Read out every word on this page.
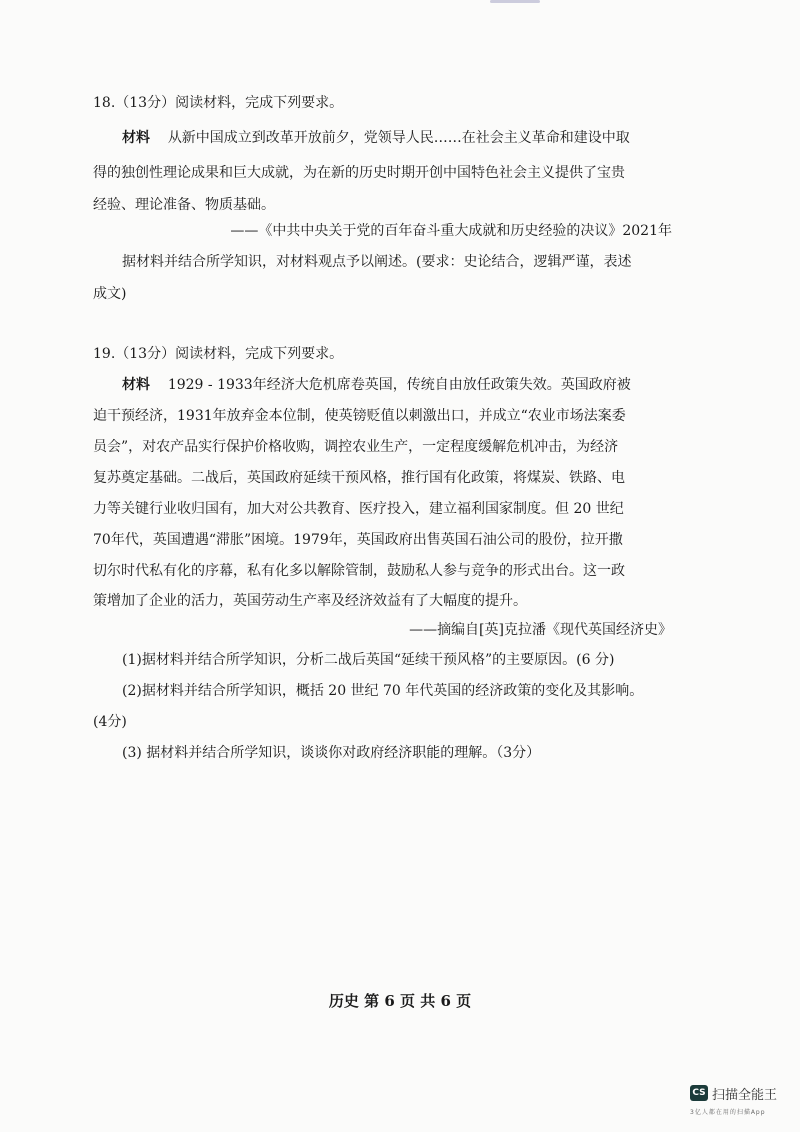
18.（13分）阅读材料，完成下列要求。
材料 从新中国成立到改革开放前夕，党领导人民……在社会主义革命和建设中取
得的独创性理论成果和巨大成就，为在新的历史时期开创中国特色社会主义提供了宝贵
经验、理论准备、物质基础。
——《中共中央关于党的百年奋斗重大成就和历史经验的决议》2021年
据材料并结合所学知识，对材料观点予以阐述。(要求：史论结合，逻辑严谨，表述
成文)
19.（13分）阅读材料，完成下列要求。
材料 1929 - 1933年经济大危机席卷英国，传统自由放任政策失效。英国政府被
迫干预经济，1931年放弃金本位制，使英镑贬值以刺激出口，并成立“农业市场法案委
员会”，对农产品实行保护价格收购，调控农业生产，一定程度缓解危机冲击，为经济
复苏奠定基础。二战后，英国政府延续干预风格，推行国有化政策，将煤炭、铁路、电
力等关键行业收归国有，加大对公共教育、医疗投入，建立福利国家制度。但 20 世纪
70年代，英国遭遇“滞胀”困境。1979年，英国政府出售英国石油公司的股份，拉开撒
切尔时代私有化的序幕，私有化多以解除管制，鼓励私人参与竞争的形式出台。这一政
策增加了企业的活力，英国劳动生产率及经济效益有了大幅度的提升。
——摘编自[英]克拉潘《现代英国经济史》
(1)据材料并结合所学知识，分析二战后英国“延续干预风格”的主要原因。(6 分)
(2)据材料并结合所学知识，概括 20 世纪 70 年代英国的经济政策的变化及其影响。
(4分)
(3) 据材料并结合所学知识，谈谈你对政府经济职能的理解。（3分）
历史 第 6 页 共 6 页
CS 扫描全能王
3亿人都在用的扫描App
